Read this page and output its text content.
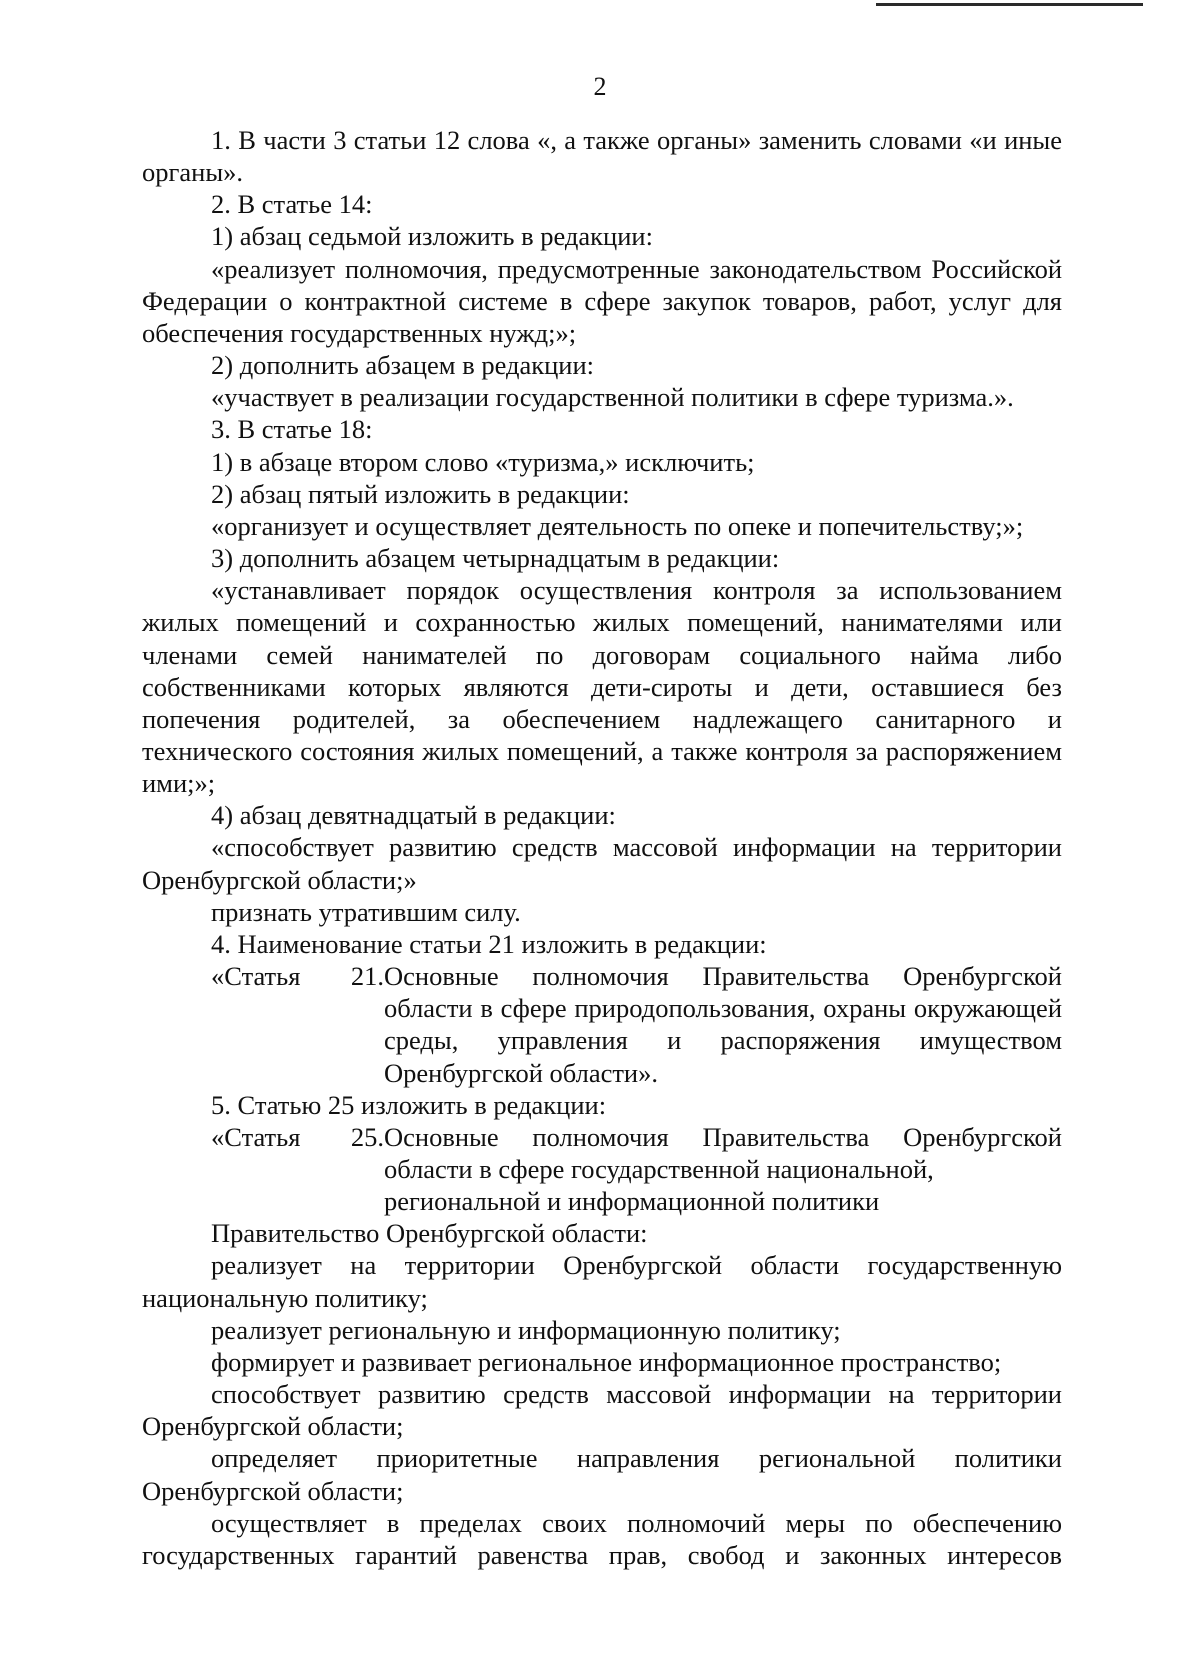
2

1. В части 3 статьи 12 слова «, а также органы» заменить словами «и иные органы».

2. В статье 14:

1) абзац седьмой изложить в редакции:

«реализует полномочия, предусмотренные законодательством Российской Федерации о контрактной системе в сфере закупок товаров, работ, услуг для обеспечения государственных нужд;»;

2) дополнить абзацем в редакции:

«участвует в реализации государственной политики в сфере туризма.».

3. В статье 18:

1) в абзаце втором слово «туризма,» исключить;

2) абзац пятый изложить в редакции:

«организует и осуществляет деятельность по опеке и попечительству;»;

3) дополнить абзацем четырнадцатым в редакции:

«устанавливает порядок осуществления контроля за использованием жилых помещений и сохранностью жилых помещений, нанимателями или членами семей нанимателей по договорам социального найма либо собственниками которых являются дети-сироты и дети, оставшиеся без попечения родителей, за обеспечением надлежащего санитарного и технического состояния жилых помещений, а также контроля за распоряжением ими;»;

4) абзац девятнадцатый в редакции:

«способствует развитию средств массовой информации на территории Оренбургской области;»

признать утратившим силу.

4. Наименование статьи 21 изложить в редакции:

«Статья 21. Основные полномочия Правительства Оренбургской области в сфере природопользования, охраны окружающей среды, управления и распоряжения имуществом Оренбургской области».

5. Статью 25 изложить в редакции:

«Статья 25. Основные полномочия Правительства Оренбургской
области в сфере государственной национальной,
региональной и информационной политики

Правительство Оренбургской области:

реализует на территории Оренбургской области государственную национальную политику;

реализует региональную и информационную политику;

формирует и развивает региональное информационное пространство;

способствует развитию средств массовой информации на территории Оренбургской области;

определяет приоритетные направления региональной политики Оренбургской области;

осуществляет в пределах своих полномочий меры по обеспечению

государственных гарантий равенства прав, свобод и законных интересов
